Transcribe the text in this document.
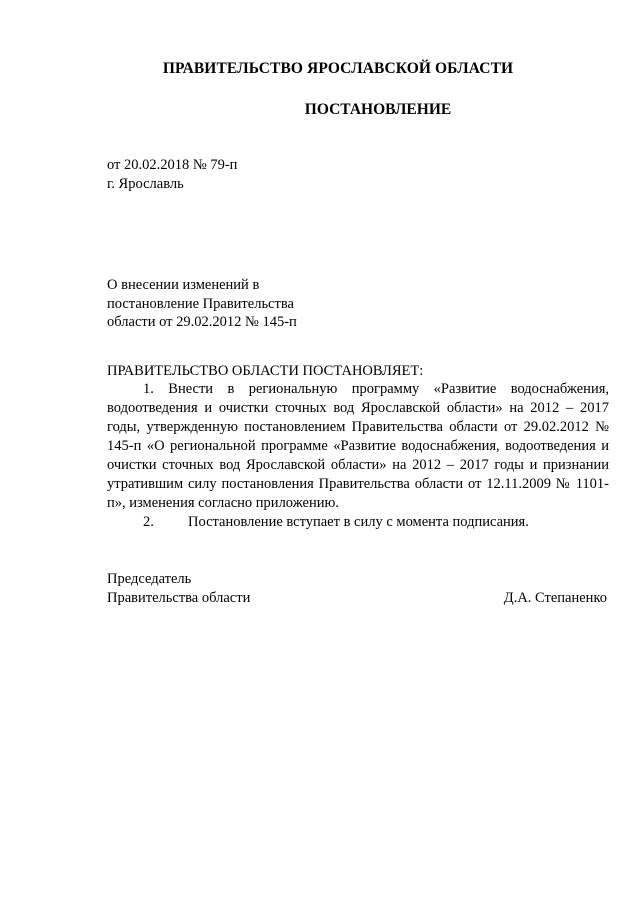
ПРАВИТЕЛЬСТВО ЯРОСЛАВСКОЙ ОБЛАСТИ
ПОСТАНОВЛЕНИЕ
от 20.02.2018 № 79-п
г. Ярославль
О внесении изменений в
постановление Правительства
области от 29.02.2012 № 145-п
ПРАВИТЕЛЬСТВО ОБЛАСТИ ПОСТАНОВЛЯЕТ:

1. Внести в региональную программу «Развитие водоснабжения, водоотведения и очистки сточных вод Ярославской области» на 2012 – 2017 годы, утвержденную постановлением Правительства области от 29.02.2012 № 145-п «О региональной программе «Развитие водоснабжения, водоотведения и очистки сточных вод Ярославской области» на 2012 – 2017 годы и признании утратившим силу постановления Правительства области от 12.11.2009 № 1101-п», изменения согласно приложению.

2. Постановление вступает в силу с момента подписания.

Председатель
Правительства области	Д.А. Степаненко
